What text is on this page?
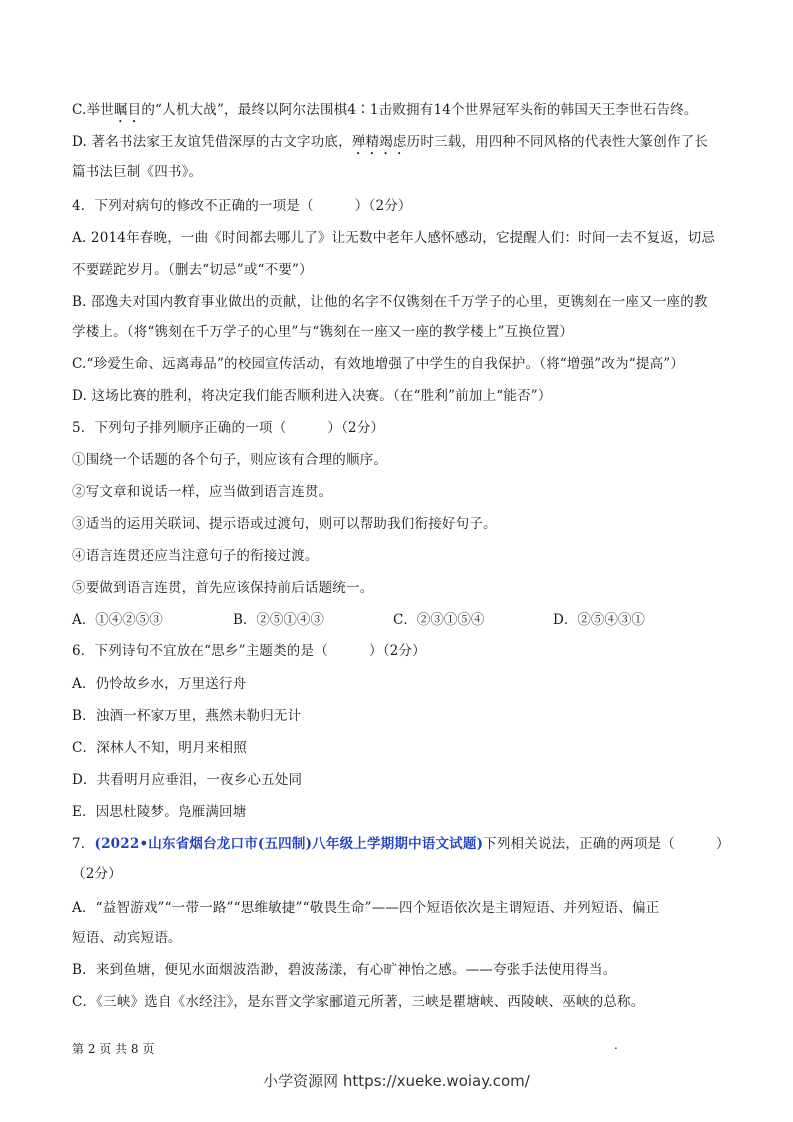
C.举世瞩目的“人机大战”，最终以阿尔法围棋4∶1击败拥有14个世界冠军头衔的韩国天王李世石告终。
D. 著名书法家王友谊凭借深厚的古文字功底，殚精竭虑历时三载，用四种不同风格的代表性大篆创作了长
篇书法巨制《四书》。
4．下列对病句的修改不正确的一项是（　　　）（2分）
A. 2014年春晚，一曲《时间都去哪儿了》让无数中老年人感怀感动，它提醒人们：时间一去不复返，切忌
不要蹉跎岁月。（删去“切忌”或“不要”）
B. 邵逸夫对国内教育事业做出的贡献，让他的名字不仅镌刻在千万学子的心里，更镌刻在一座又一座的教
学楼上。（将“镌刻在千万学子的心里”与“镌刻在一座又一座的教学楼上”互换位置）
C.“珍爱生命、远离毒品”的校园宣传活动，有效地增强了中学生的自我保护。（将“增强”改为“提高”）
D. 这场比赛的胜利，将决定我们能否顺利进入决赛。（在“胜利”前加上“能否”）
5．下列句子排列顺序正确的一项（　　　）（2分）
①围绕一个话题的各个句子，则应该有合理的顺序。
②写文章和说话一样，应当做到语言连贯。
③适当的运用关联词、提示语或过渡句，则可以帮助我们衔接好句子。
④语言连贯还应当注意句子的衔接过渡。
⑤要做到语言连贯，首先应该保持前后话题统一。
A．①④②⑤③	B．②⑤①④③	C．②③①⑤④	D．②⑤④③①
6．下列诗句不宜放在“思乡”主题类的是（　　　）（2分）
A．仍怜故乡水，万里送行舟
B．浊酒一杯家万里，燕然未勒归无计
C．深林人不知，明月来相照
D．共看明月应垂泪，一夜乡心五处同
E．因思杜陵梦。凫雁满回塘
7．(2022•山东省烟台龙口市(五四制)八年级上学期期中语文试题)下列相关说法，正确的两项是（　　　）
（2分）
A．“益智游戏”“一带一路”“思维敏捷”“敬畏生命”——四个短语依次是主谓短语、并列短语、偏正
短语、动宾短语。
B．来到鱼塘，便见水面烟波浩渺，碧波荡漾，有心旷神怡之感。——夸张手法使用得当。
C．《三峡》选自《水经注》，是东晋文学家郦道元所著，三峡是瞿塘峡、西陵峡、巫峡的总称。
第 2 页 共 8 页	.
小学资源网 https://xueke.woiay.com/
